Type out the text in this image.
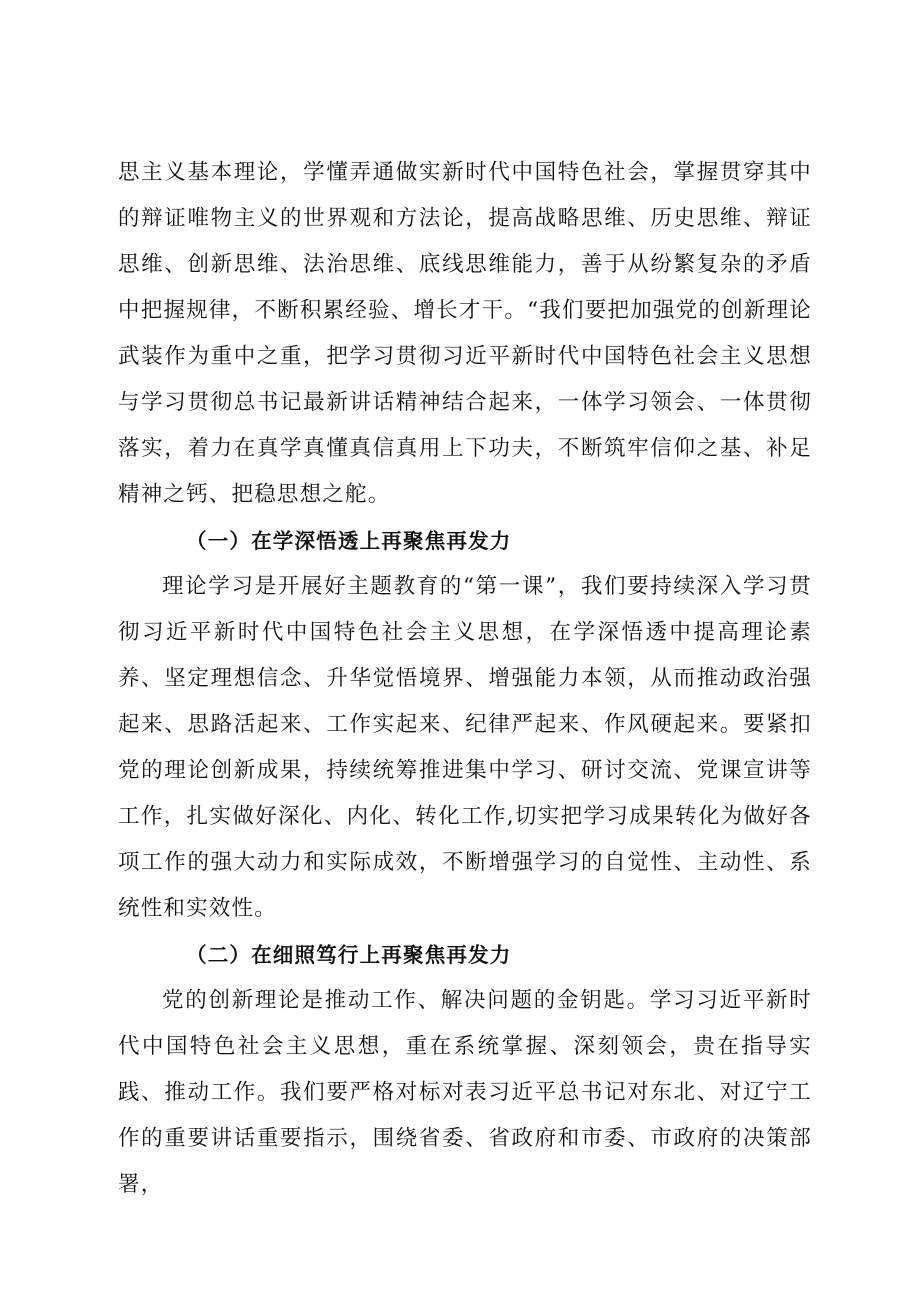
思主义基本理论，学懂弄通做实新时代中国特色社会，掌握贯穿其中的辩证唯物主义的世界观和方法论，提高战略思维、历史思维、辩证思维、创新思维、法治思维、底线思维能力，善于从纷繁复杂的矛盾中把握规律，不断积累经验、增长才干。“我们要把加强党的创新理论武装作为重中之重，把学习贯彻习近平新时代中国特色社会主义思想与学习贯彻总书记最新讲话精神结合起来，一体学习领会、一体贯彻落实，着力在真学真懂真信真用上下功夫，不断筑牢信仰之基、补足精神之钙、把稳思想之舵。

（一）在学深悟透上再聚焦再发力

理论学习是开展好主题教育的“第一课”，我们要持续深入学习贯彻习近平新时代中国特色社会主义思想，在学深悟透中提高理论素养、坚定理想信念、升华觉悟境界、增强能力本领，从而推动政治强起来、思路活起来、工作实起来、纪律严起来、作风硬起来。要紧扣党的理论创新成果，持续统筹推进集中学习、研讨交流、党课宣讲等工作，扎实做好深化、内化、转化工作,切实把学习成果转化为做好各项工作的强大动力和实际成效，不断增强学习的自觉性、主动性、系统性和实效性。

（二）在细照笃行上再聚焦再发力

党的创新理论是推动工作、解决问题的金钥匙。学习习近平新时代中国特色社会主义思想，重在系统掌握、深刻领会，贵在指导实践、推动工作。我们要严格对标对表习近平总书记对东北、对辽宁工作的重要讲话重要指示，围绕省委、省政府和市委、市政府的决策部署，
